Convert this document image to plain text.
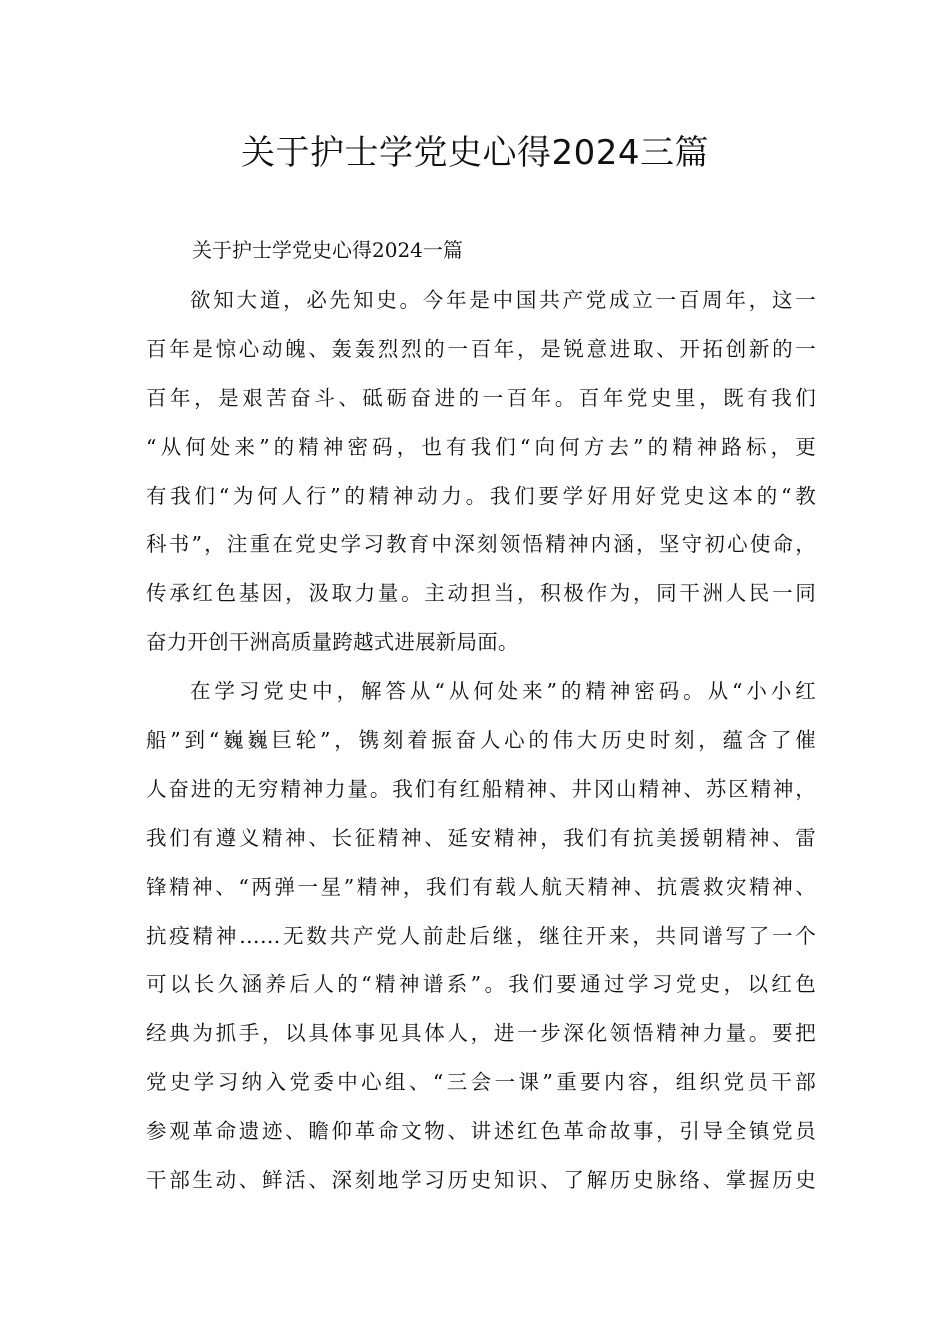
关于护士学党史心得2024三篇

关于护士学党史心得2024一篇

欲知大道，必先知史。今年是中国共产党成立一百周年，这一
百年是惊心动魄、轰轰烈烈的一百年，是锐意进取、开拓创新的一
百年，是艰苦奋斗、砥砺奋进的一百年。百年党史里，既有我们
“从何处来”的精神密码，也有我们“向何方去”的精神路标，更
有我们“为何人行”的精神动力。我们要学好用好党史这本的“教
科书”，注重在党史学习教育中深刻领悟精神内涵，坚守初心使命，
传承红色基因，汲取力量。主动担当，积极作为，同干洲人民一同
奋力开创干洲高质量跨越式进展新局面。
在学习党史中，解答从“从何处来”的精神密码。从“小小红
船”到“巍巍巨轮”，镌刻着振奋人心的伟大历史时刻，蕴含了催
人奋进的无穷精神力量。我们有红船精神、井冈山精神、苏区精神，
我们有遵义精神、长征精神、延安精神，我们有抗美援朝精神、雷
锋精神、“两弹一星”精神，我们有载人航天精神、抗震救灾精神、
抗疫精神……无数共产党人前赴后继，继往开来，共同谱写了一个
可以长久涵养后人的“精神谱系”。我们要通过学习党史，以红色
经典为抓手，以具体事见具体人，进一步深化领悟精神力量。要把
党史学习纳入党委中心组、“三会一课”重要内容，组织党员干部
参观革命遗迹、瞻仰革命文物、讲述红色革命故事，引导全镇党员
干部生动、鲜活、深刻地学习历史知识、了解历史脉络、掌握历史
